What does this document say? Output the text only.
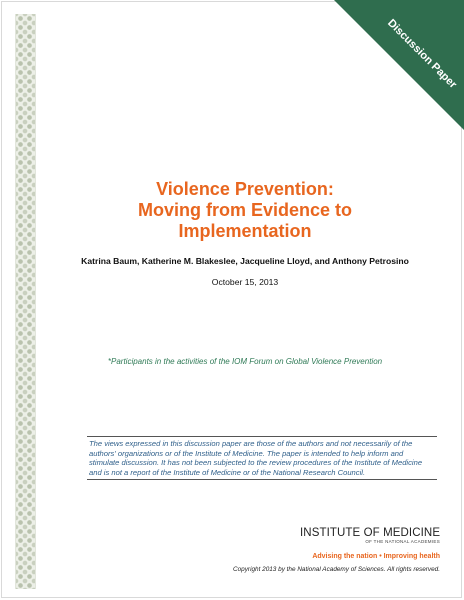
Discussion Paper
Violence Prevention:
Moving from Evidence to
Implementation
Katrina Baum, Katherine M. Blakeslee, Jacqueline Lloyd, and Anthony Petrosino
October 15, 2013
*Participants in the activities of the IOM Forum on Global Violence Prevention
The views expressed in this discussion paper are those of the authors and not necessarily of the authors' organizations or of the Institute of Medicine. The paper is intended to help inform and stimulate discussion. It has not been subjected to the review procedures of the Institute of Medicine and is not a report of the Institute of Medicine or of the National Research Council.
INSTITUTE OF MEDICINE
OF THE NATIONAL ACADEMIES
Advising the nation • Improving health
Copyright 2013 by the National Academy of Sciences. All rights reserved.
